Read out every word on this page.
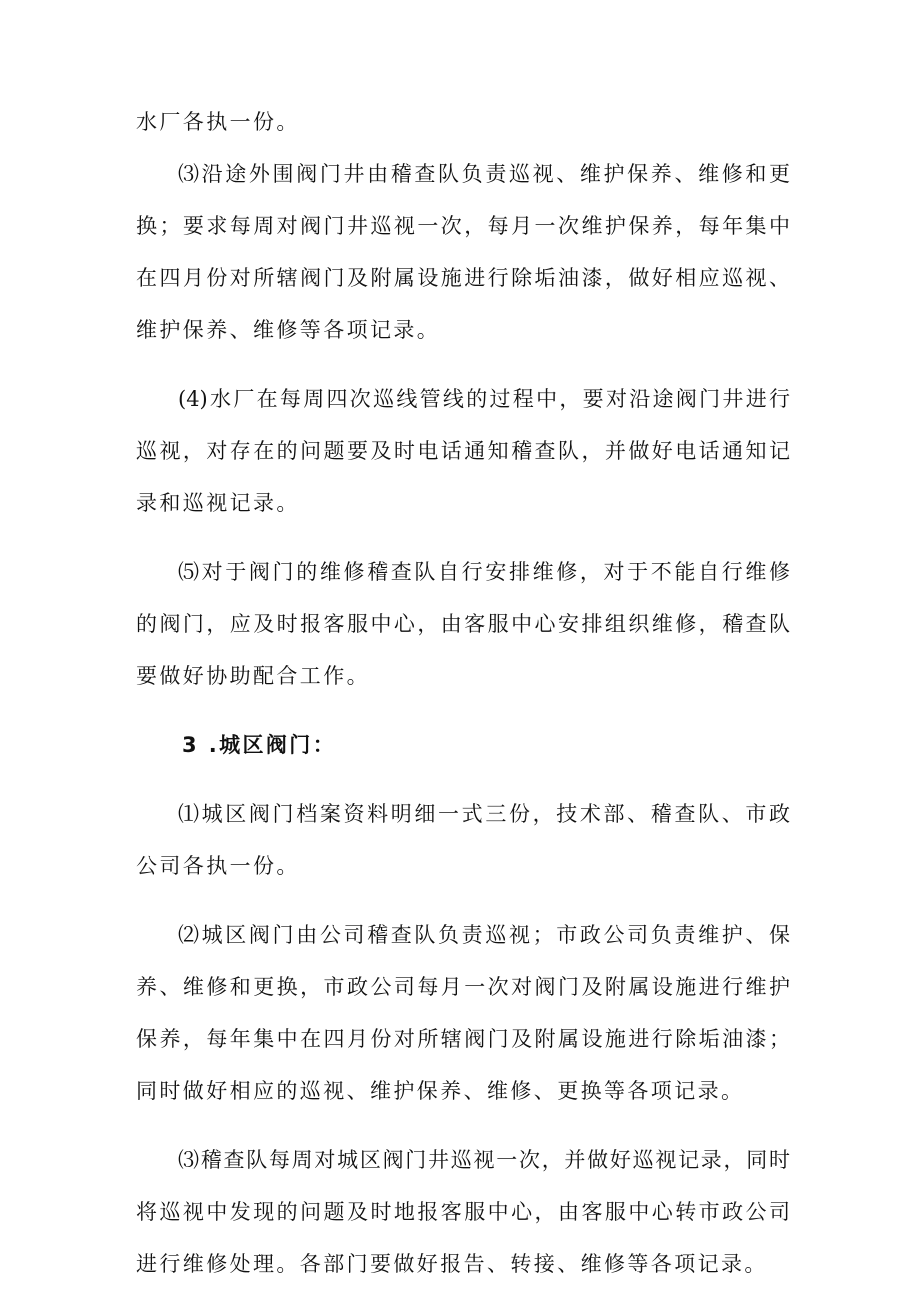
水厂各执一份。
⑶沿途外围阀门井由稽查队负责巡视、维护保养、维修和更
换；要求每周对阀门井巡视一次，每月一次维护保养，每年集中
在四月份对所辖阀门及附属设施进行除垢油漆，做好相应巡视、
维护保养、维修等各项记录。
(4)水厂在每周四次巡线管线的过程中，要对沿途阀门井进行
巡视，对存在的问题要及时电话通知稽查队，并做好电话通知记
录和巡视记录。
⑸对于阀门的维修稽查队自行安排维修，对于不能自行维修
的阀门，应及时报客服中心，由客服中心安排组织维修，稽查队
要做好协助配合工作。
3 .城区阀门：
⑴城区阀门档案资料明细一式三份，技术部、稽查队、市政
公司各执一份。
⑵城区阀门由公司稽查队负责巡视；市政公司负责维护、保
养、维修和更换，市政公司每月一次对阀门及附属设施进行维护
保养，每年集中在四月份对所辖阀门及附属设施进行除垢油漆；
同时做好相应的巡视、维护保养、维修、更换等各项记录。
⑶稽查队每周对城区阀门井巡视一次，并做好巡视记录，同时
将巡视中发现的问题及时地报客服中心，由客服中心转市政公司
进行维修处理。各部门要做好报告、转接、维修等各项记录。
